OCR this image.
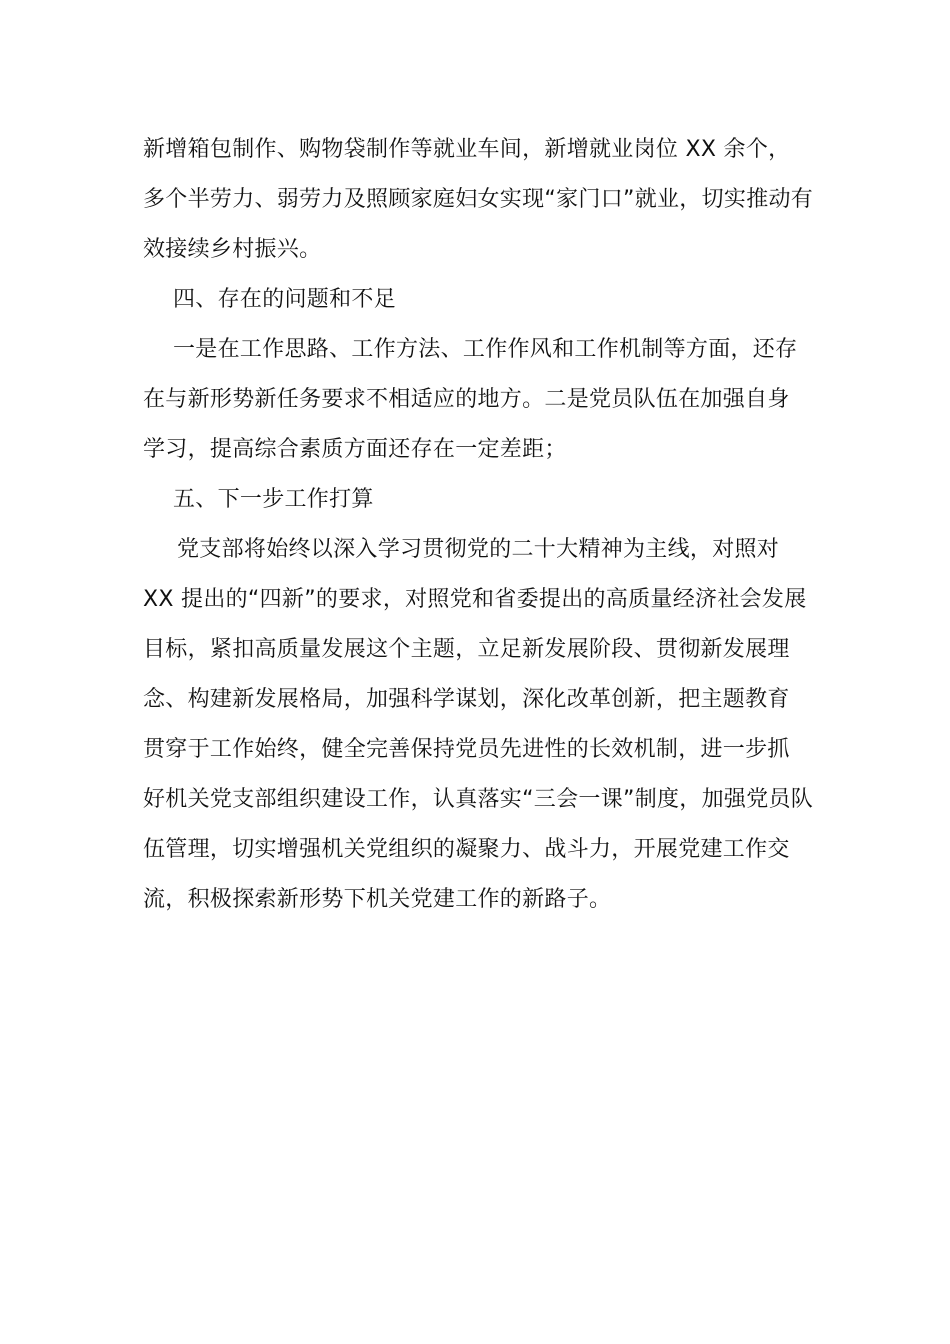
新增箱包制作、购物袋制作等就业车间，新增就业岗位 XX 余个，
多个半劳力、弱劳力及照顾家庭妇女实现“家门口”就业，切实推动有
效接续乡村振兴。
四、存在的问题和不足
一是在工作思路、工作方法、工作作风和工作机制等方面，还存
在与新形势新任务要求不相适应的地方。二是党员队伍在加强自身
学习，提高综合素质方面还存在一定差距；
五、下一步工作打算
党支部将始终以深入学习贯彻党的二十大精神为主线，对照对
XX 提出的“四新”的要求，对照党和省委提出的高质量经济社会发展
目标，紧扣高质量发展这个主题，立足新发展阶段、贯彻新发展理
念、构建新发展格局，加强科学谋划，深化改革创新，把主题教育
贯穿于工作始终，健全完善保持党员先进性的长效机制，进一步抓
好机关党支部组织建设工作，认真落实“三会一课”制度，加强党员队
伍管理，切实增强机关党组织的凝聚力、战斗力，开展党建工作交
流，积极探索新形势下机关党建工作的新路子。
